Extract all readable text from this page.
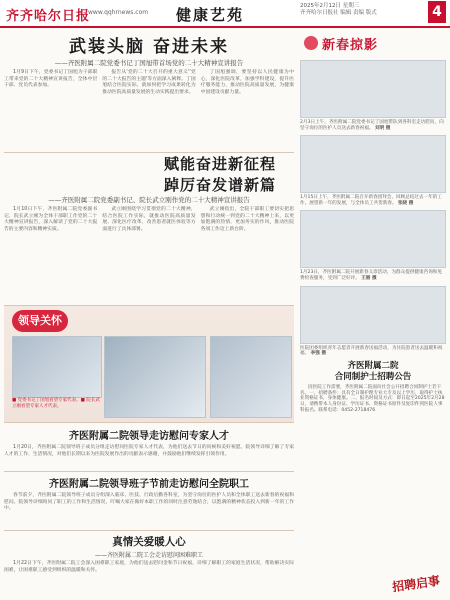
齐齐哈尔日报
www.qqhrnews.com 健康艺苑	2025年2月12日 星期三
齐齐哈尔日报社 编辑 责编 版式	4
武装头脑 奋进未来
——齐医附属二院党委书记丁国旭带首场党的二十大精神宣讲报告
1月9日下午，党委书记丁国旭为干部职工带来党的二十大精神宣讲报告，全体中层干部、党员代表参加。
报告从'党的二十大召开的重大意义''党的二十大报告的主题'等方面深入阐释。丁国旭结合医院实际，就如何把学习成果转化为推动医院高质量发展的生动实践提出要求。
丁国旭强调，要坚持以人民健康为中心，深化医院改革，加强学科建设，提升医疗服务能力，推动医院高质量发展，为健康中国建设贡献力量。
赋能奋进新征程
踔厉奋发谱新篇
——齐医附属二院党委副书记、院长武立刚作党的二十大精神宣讲报告
1月10日下午，齐医附属二院党委副书记、院长武立刚为全体干部职工作党的二十大精神宣讲报告，深入解读了党的二十大报告的主要内容和精神实质。
武立刚围绕学习贯彻党的二十大精神，结合医院工作实际，就推动医院高质量发展、深化医疗改革、改善患者就医体验等方面进行了具体部署。
武立刚指出，全院干部职工要切实把思想和行动统一到党的二十大精神上来，以更加饱满的热情、更加务实的作风，推动医院各项工作迈上新台阶。
领导关怀
■ 党委书记丁国旭看望专家代表。■ 院长武立刚看望专家人才代表。
齐医附属二院领导走访慰问专家人才
1月20日，齐医附属二院领导班子成员分组走访慰问医院专家人才代表，为他们送去节日的问候和美好祝愿。院领导详细了解了专家人才的工作、生活情况，对他们长期以来为医院发展作出的贡献表示感谢，并鼓励他们继续发挥引领作用。
齐医附属二院领导班子节前走访慰问全院职工
春节前夕，齐医附属二院领导班子成员分组深入临床、医技、行政后勤各科室，为坚守岗位的医护人员和全体职工送去新春的祝福和慰问。院领导详细询问了职工的工作和生活情况，叮嘱大家在做好本职工作的同时注意劳逸结合，以饱满的精神状态投入到新一年的工作中。
真情关爱暖人心
——齐医附属二院工会走访慰问困难职工
1月22日下午，齐医附属二院工会深入困难职工家庭，为他们送去慰问金和节日祝福，详细了解职工的家庭生活状况，帮助解决实际困难，让困难职工感受到组织的温暖和关怀。
新春掠影
2月3日上午，齐医附属二院党委书记丁国旭带队到各科室走访慰问，向坚守岗位的医护人员送去新春祝福。 刘明 摄
1月15日上午，齐医附属二院召开新春团拜会，回顾总结过去一年的工作，展望新一年的发展，与全体员工共贺新春。 张晓 摄
1月23日，齐医附属二院开展新春义诊活动，为群众提供健康咨询和免费检查服务，受到广泛好评。 王丽 摄
医院团委组织青年志愿者开展新春送福活动，为住院患者送去温暖和祝福。 李强 摄
齐医附属二院
合同制护士招聘公告
因医院工作需要，齐医附属二院面向社会公开招聘合同制护士若干名。一、招聘条件：具有全日制护理专业大专及以上学历，取得护士执业资格证书，身体健康。二、报名时间及方式：即日起至2025年2月28日，请携带本人身份证、学历证书、资格证书原件及复印件到医院人事科报名。联系电话：0452-2718476
招聘启事
